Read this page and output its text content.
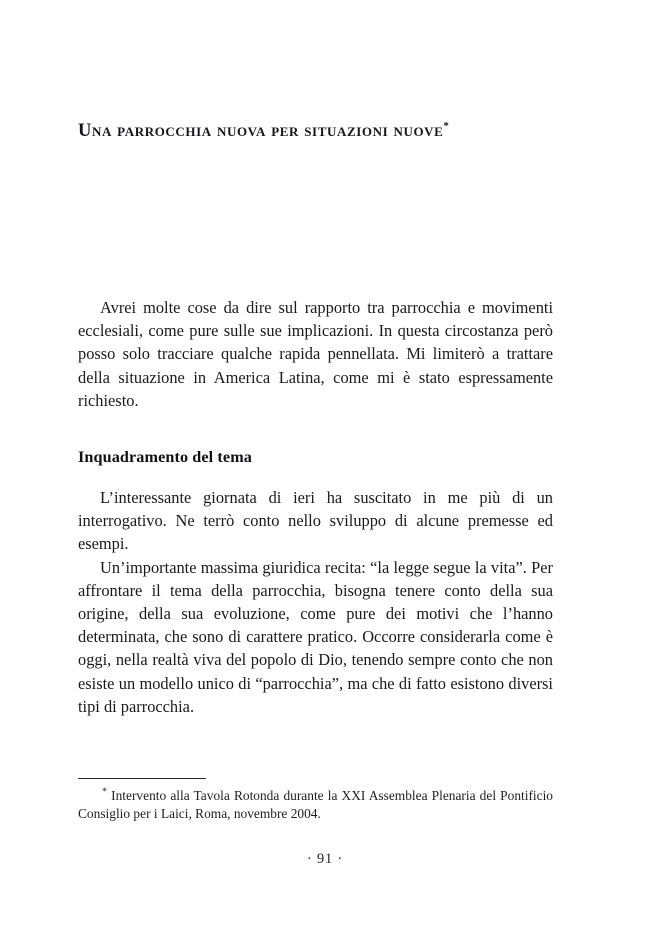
Una parrocchia nuova per situazioni nuove*

Avrei molte cose da dire sul rapporto tra parrocchia e movimenti ecclesiali, come pure sulle sue implicazioni. In questa circostanza però posso solo tracciare qualche rapida pennellata. Mi limiterò a trattare della situazione in America Latina, come mi è stato espressamente richiesto.

Inquadramento del tema

L’interessante giornata di ieri ha suscitato in me più di un interrogativo. Ne terrò conto nello sviluppo di alcune premesse ed esempi.

Un’importante massima giuridica recita: “la legge segue la vita”. Per affrontare il tema della parrocchia, bisogna tenere conto della sua origine, della sua evoluzione, come pure dei motivi che l’hanno determinata, che sono di carattere pratico. Occorre considerarla come è oggi, nella realtà viva del popolo di Dio, tenendo sempre conto che non esiste un modello unico di “parrocchia”, ma che di fatto esistono diversi tipi di parrocchia.

* Intervento alla Tavola Rotonda durante la XXI Assemblea Plenaria del Pontificio Consiglio per i Laici, Roma, novembre 2004.

· 91 ·
